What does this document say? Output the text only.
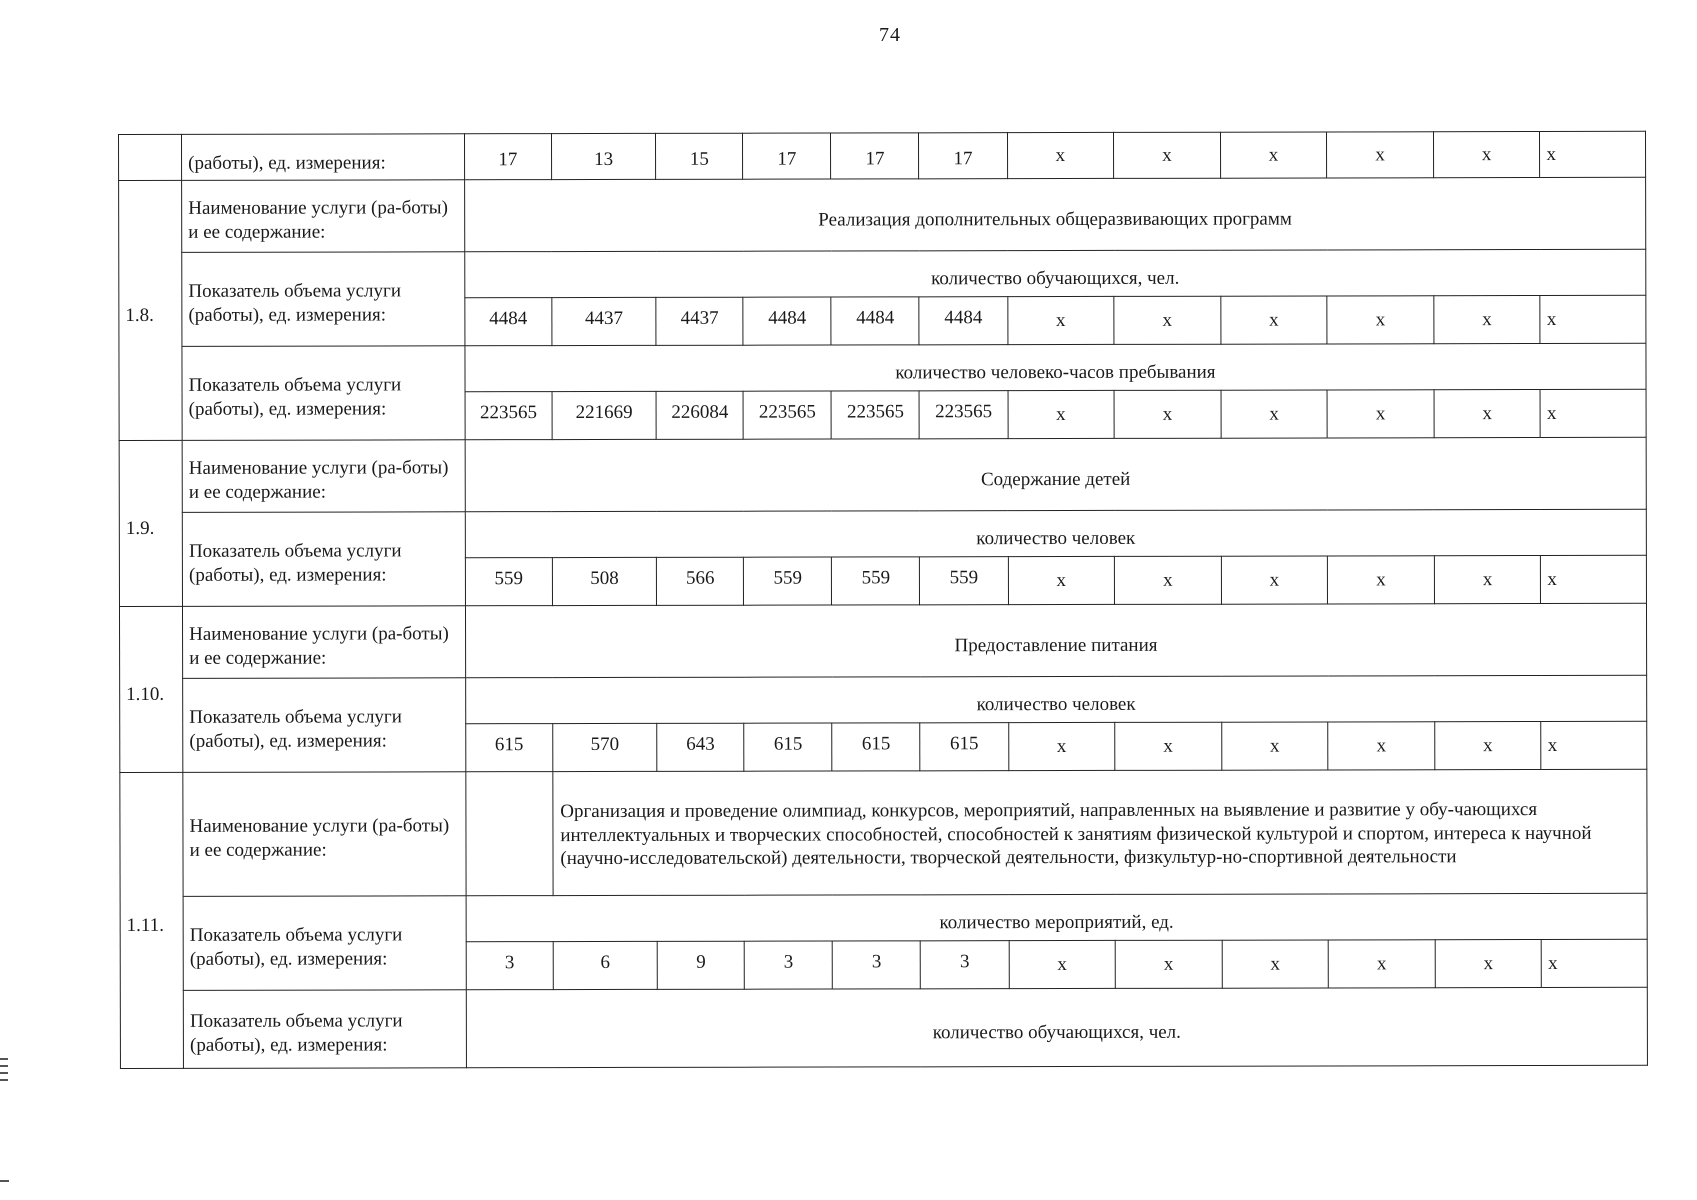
74
	(работы), ед. измерения:	17	13	15	17	17	17	х	х	х	х	х	х
1.8.	Наименование услуги (ра-боты) и ее содержание:	Реализация дополнительных общеразвивающих программ											
	Показатель объема услуги (работы), ед. измерения:	количество обучающихся, чел.											
		4484	4437	4437	4484	4484	4484	х	х	х	х	х	х
	Показатель объема услуги (работы), ед. измерения:	количество человеко-часов пребывания											
		223565	221669	226084	223565	223565	223565	х	х	х	х	х	х
1.9.	Наименование услуги (ра-боты) и ее содержание:	Содержание детей											
	Показатель объема услуги (работы), ед. измерения:	количество человек											
		559	508	566	559	559	559	х	х	х	х	х	х
1.10.	Наименование услуги (ра-боты) и ее содержание:	Предоставление питания											
	Показатель объема услуги (работы), ед. измерения:	количество человек											
		615	570	643	615	615	615	х	х	х	х	х	х
1.11.	Наименование услуги (ра-боты) и ее содержание:		Организация и проведение олимпиад, конкурсов, мероприятий, направленных на выявление и развитие у обу-чающихся интеллектуальных и творческих способностей, способностей к занятиям физической культурой и спортом, интереса к научной (научно-исследовательской) деятельности, творческой деятельности, физкультур-но-спортивной деятельности										
	Показатель объема услуги (работы), ед. измерения:	количество мероприятий, ед.											
		3	6	9	3	3	3	х	х	х	х	х	х
	Показатель объема услуги (работы), ед. измерения:	количество обучающихся, чел.											
